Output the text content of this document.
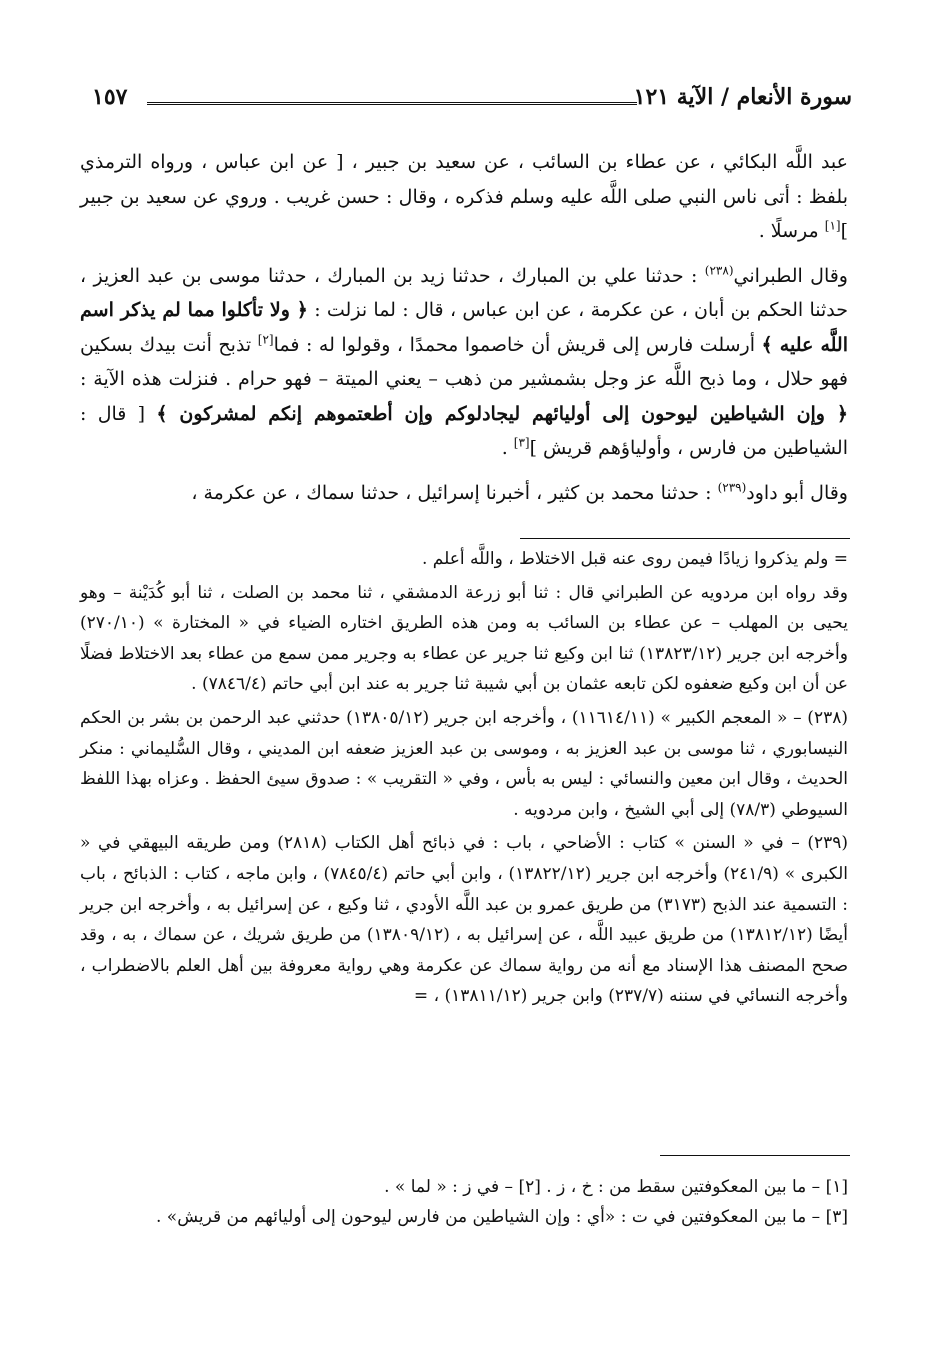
١٥٧	سورة الأنعام / الآية ١٢١

عبد اللَّه البكائي ، عن عطاء بن السائب ، عن سعيد بن جبير ، [ عن ابن عباس ، ورواه الترمذي بلفظ : أتى ناس النبي صلى اللَّه عليه وسلم فذكره ، وقال : حسن غريب . وروي عن سعيد بن جبير ][١] مرسلًا .

وقال الطبراني$^{(٢٣٨)}$ : حدثنا علي بن المبارك ، حدثنا زيد بن المبارك ، حدثنا موسى بن عبد العزيز ، حدثنا الحكم بن أبان ، عن عكرمة ، عن ابن عباس ، قال : لما نزلت : ﴿ ولا تأكلوا مما لم يذكر اسم اللَّه عليه ﴾ أرسلت فارس إلى قريش أن خاصموا محمدًا ، وقولوا له : فما[٢] تذبح أنت بيدك بسكين فهو حلال ، وما ذبح اللَّه عز وجل بشمشير من ذهب – يعني الميتة – فهو حرام . فنزلت هذه الآية : ﴿ وإن الشياطين ليوحون إلى أوليائهم ليجادلوكم وإن أطعتموهم إنكم لمشركون ﴾ [ قال : الشياطين من فارس ، وأولياؤهم قريش ][٣] .

وقال أبو داود$^{(٢٣٩)}$ : حدثنا محمد بن كثير ، أخبرنا إسرائيل ، حدثنا سماك ، عن عكرمة ،

= ولم يذكروا زيادًا فيمن روى عنه قبل الاختلاط ، واللَّه أعلم .

وقد رواه ابن مردويه عن الطبراني قال : ثنا أبو زرعة الدمشقي ، ثنا محمد بن الصلت ، ثنا أبو كُدَيْنة – وهو يحيى بن المهلب – عن عطاء بن السائب به ومن هذه الطريق اختاره الضياء في « المختارة » (٢٧٠/١٠) وأخرجه ابن جرير (١٣٨٢٣/١٢) ثنا ابن وكيع ثنا جرير عن عطاء به وجرير ممن سمع من عطاء بعد الاختلاط فضلًا عن أن ابن وكيع ضعفوه لكن تابعه عثمان بن أبي شيبة ثنا جرير به عند ابن أبي حاتم (٧٨٤٦/٤) .

(٢٣٨) – « المعجم الكبير » (١١٦١٤/١١) ، وأخرجه ابن جرير (١٣٨٠٥/١٢) حدثني عبد الرحمن بن بشر بن الحكم النيسابوري ، ثنا موسى بن عبد العزيز به ، وموسى بن عبد العزيز ضعفه ابن المديني ، وقال السُّليماني : منكر الحديث ، وقال ابن معين والنسائي : ليس به بأس ، وفي « التقريب » : صدوق سيئ الحفظ . وعزاه بهذا اللفظ السيوطي (٧٨/٣) إلى أبي الشيخ ، وابن مردويه .

(٢٣٩) – في « السنن » كتاب : الأضاحي ، باب : في ذبائح أهل الكتاب (٢٨١٨) ومن طريقه البيهقي في « الكبرى » (٢٤١/٩) وأخرجه ابن جرير (١٣٨٢٢/١٢) ، وابن أبي حاتم (٧٨٤٥/٤) ، وابن ماجه ، كتاب : الذبائح ، باب : التسمية عند الذبح (٣١٧٣) من طريق عمرو بن عبد اللَّه الأودي ، ثنا وكيع ، عن إسرائيل به ، وأخرجه ابن جرير أيضًا (١٣٨١٢/١٢) من طريق عبيد اللَّه ، عن إسرائيل به ، (١٣٨٠٩/١٢) من طريق شريك ، عن سماك ، به ، وقد صحح المصنف هذا الإسناد مع أنه من رواية سماك عن عكرمة وهي رواية معروفة بين أهل العلم بالاضطراب ، وأخرجه النسائي في سننه (٢٣٧/٧) وابن جرير (١٣٨١١/١٢) ، =

[١] – ما بين المعكوفتين سقط من : خ ، ز . [٢] – في ز : « لما » .

[٣] – ما بين المعكوفتين في ت : «أي : وإن الشياطين من فارس ليوحون إلى أوليائهم من قريش» .
